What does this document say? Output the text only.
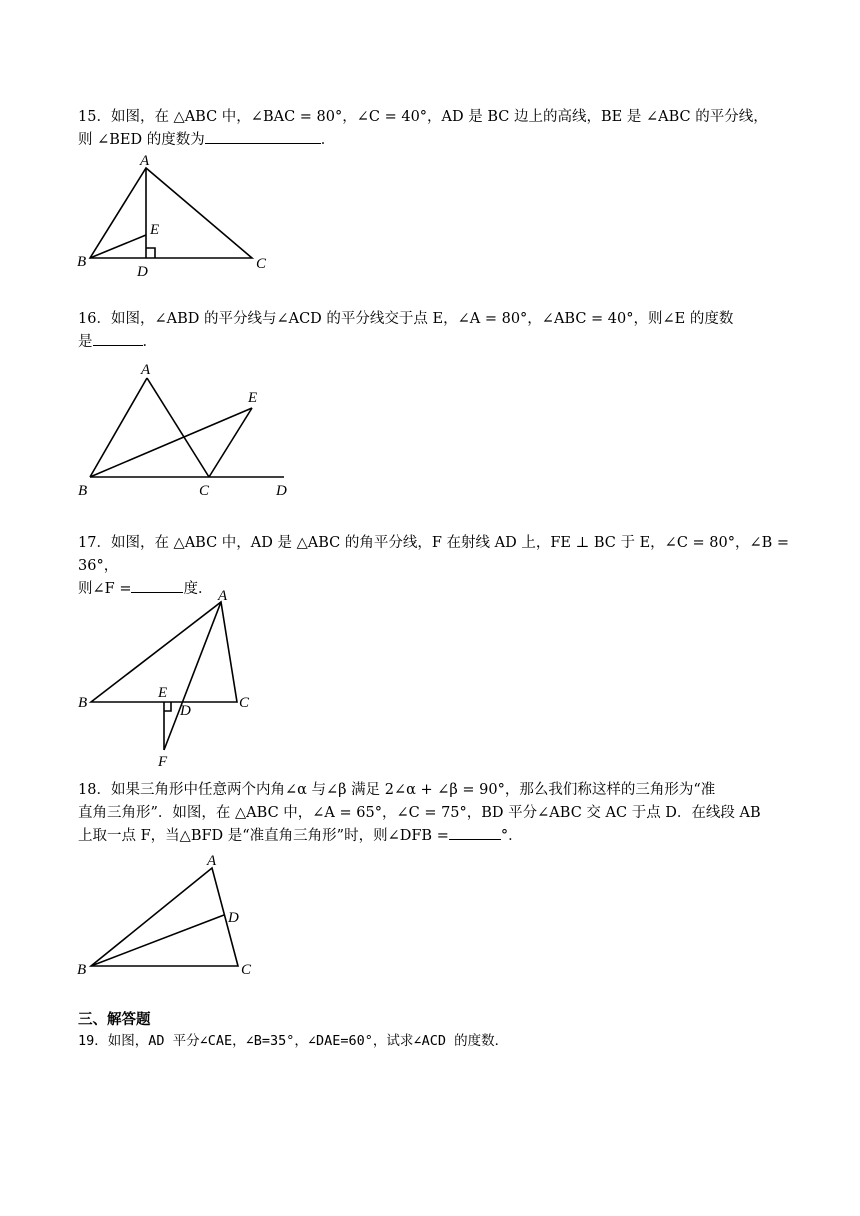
15．如图，在 △ABC 中，∠BAC = 80°，∠C = 40°，AD 是 BC 边上的高线，BE 是 ∠ABC 的平分线，
则 ∠BED 的度数为	．
A
B	C
D
E
16．如图，∠ABD 的平分线与∠ACD 的平分线交于点 E，∠A = 80°，∠ABC = 40°，则∠E 的度数
是	．
A
B	C	D
E
17．如图，在 △ABC 中，AD 是 △ABC 的角平分线，F 在射线 AD 上，FE ⊥ BC 于 E，∠C = 80°，∠B = 36°，
则∠F =	度． A
B	C
D
E
F
18．如果三角形中任意两个内角∠α 与∠β 满足 2∠α + ∠β = 90°，那么我们称这样的三角形为“准
直角三角形”．如图，在 △ABC 中，∠A = 65°，∠C = 75°，BD 平分∠ABC 交 AC 于点 D．在线段 AB
上取一点 F，当△BFD 是“准直角三角形”时，则∠DFB =	°．
A
B	C
D
三、解答题
19．如图，AD 平分∠CAE，∠B=35°，∠DAE=60°，试求∠ACD 的度数．
